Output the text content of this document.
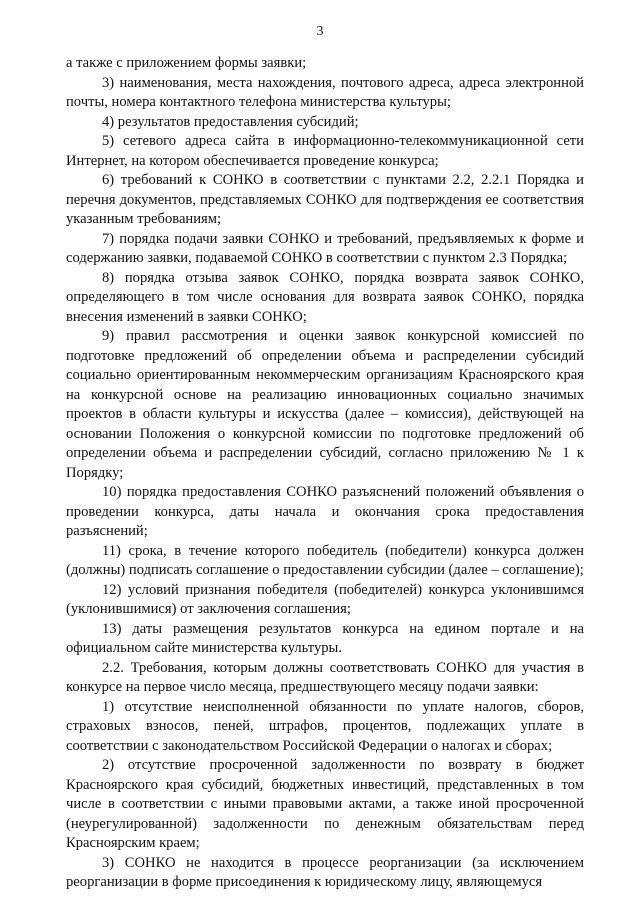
3

а также с приложением формы заявки;

3) наименования, места нахождения, почтового адреса, адреса электронной почты, номера контактного телефона министерства культуры;

4) результатов предоставления субсидий;

5) сетевого адреса сайта в информационно-телекоммуникационной сети Интернет, на котором обеспечивается проведение конкурса;

6) требований к СОНКО в соответствии с пунктами 2.2, 2.2.1 Порядка и перечня документов, представляемых СОНКО для подтверждения ее соответствия указанным требованиям;

7) порядка подачи заявки СОНКО и требований, предъявляемых к форме и содержанию заявки, подаваемой СОНКО в соответствии с пунктом 2.3 Порядка;

8) порядка отзыва заявок СОНКО, порядка возврата заявок СОНКО, определяющего в том числе основания для возврата заявок СОНКО, порядка внесения изменений в заявки СОНКО;

9) правил рассмотрения и оценки заявок конкурсной комиссией по подготовке предложений об определении объема и распределении субсидий социально ориентированным некоммерческим организациям Красноярского края на конкурсной основе на реализацию инновационных социально значимых проектов в области культуры и искусства (далее – комиссия), действующей на основании Положения о конкурсной комиссии по подготовке предложений об определении объема и распределении субсидий, согласно приложению № 1 к Порядку;

10) порядка предоставления СОНКО разъяснений положений объявления о проведении конкурса, даты начала и окончания срока предоставления разъяснений;

11) срока, в течение которого победитель (победители) конкурса должен (должны) подписать соглашение о предоставлении субсидии (далее – соглашение);

12) условий признания победителя (победителей) конкурса уклонившимся (уклонившимися) от заключения соглашения;

13) даты размещения результатов конкурса на едином портале и на официальном сайте министерства культуры.

2.2. Требования, которым должны соответствовать СОНКО для участия в конкурсе на первое число месяца, предшествующего месяцу подачи заявки:

1) отсутствие неисполненной обязанности по уплате налогов, сборов, страховых взносов, пеней, штрафов, процентов, подлежащих уплате в соответствии с законодательством Российской Федерации о налогах и сборах;

2) отсутствие просроченной задолженности по возврату в бюджет Красноярского края субсидий, бюджетных инвестиций, представленных в том числе в соответствии с иными правовыми актами, а также иной просроченной (неурегулированной) задолженности по денежным обязательствам перед Красноярским краем;

3) СОНКО не находится в процессе реорганизации (за исключением реорганизации в форме присоединения к юридическому лицу, являющемуся
